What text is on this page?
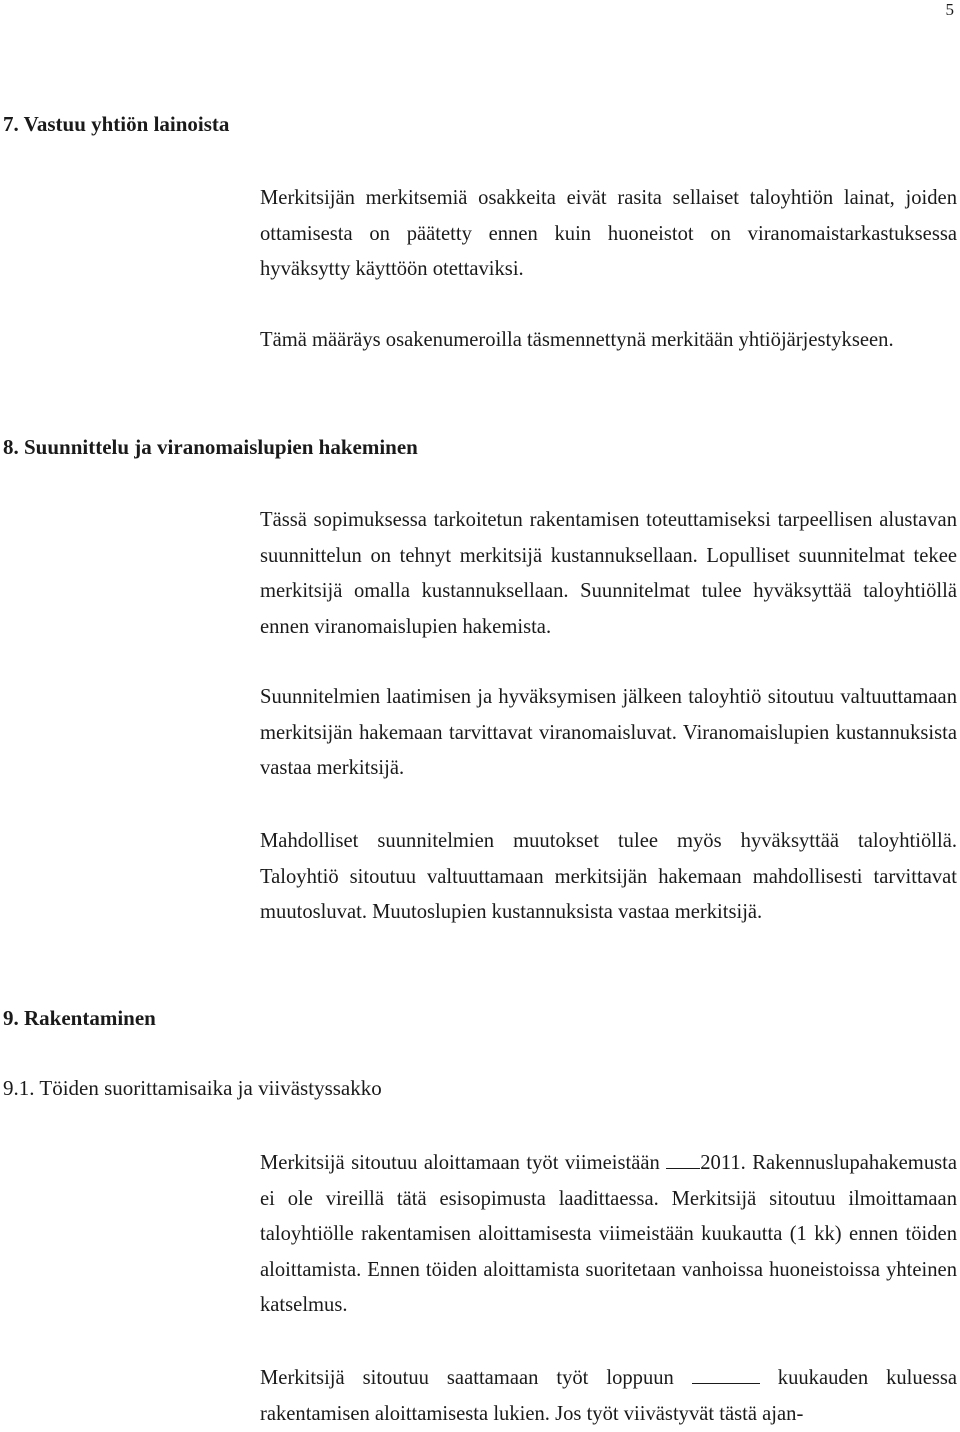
5
7. Vastuu yhtiön lainoista

Merkitsijän merkitsemiä osakkeita eivät rasita sellaiset taloyhtiön lainat, joiden ottamisesta on päätetty ennen kuin huoneistot on viranomaistarkastuksessa hyväksytty käyttöön otettaviksi.

Tämä määräys osakenumeroilla täsmennettynä merkitään yhtiöjärjestykseen.

8. Suunnittelu ja viranomaislupien hakeminen

Tässä sopimuksessa tarkoitetun rakentamisen toteuttamiseksi tarpeellisen alustavan suunnittelun on tehnyt merkitsijä kustannuksellaan. Lopulliset suunnitelmat tekee merkitsijä omalla kustannuksellaan. Suunnitelmat tulee hyväksyttää taloyhtiöllä ennen viranomaislupien hakemista.

Suunnitelmien laatimisen ja hyväksymisen jälkeen taloyhtiö sitoutuu valtuuttamaan merkitsijän hakemaan tarvittavat viranomaisluvat. Viranomaislupien kustannuksista vastaa merkitsijä.

Mahdolliset suunnitelmien muutokset tulee myös hyväksyttää taloyhtiöllä. Taloyhtiö sitoutuu valtuuttamaan merkitsijän hakemaan mahdollisesti tarvittavat muutosluvat. Muutoslupien kustannuksista vastaa merkitsijä.

9. Rakentaminen
9.1. Töiden suorittamisaika ja viivästyssakko

Merkitsijä sitoutuu aloittamaan työt viimeistään 2011. Rakennuslupahakemusta ei ole vireillä tätä esisopimusta laadittaessa. Merkitsijä sitoutuu ilmoittamaan taloyhtiölle rakentamisen aloittamisesta viimeistään kuukautta (1 kk) ennen töiden aloittamista. Ennen töiden aloittamista suoritetaan vanhoissa huoneistoissa yhteinen katselmus.

Merkitsijä sitoutuu saattamaan työt loppuun	kuukauden kuluessa rakentamisen aloittamisesta lukien. Jos työt viivästyvät tästä ajan-
